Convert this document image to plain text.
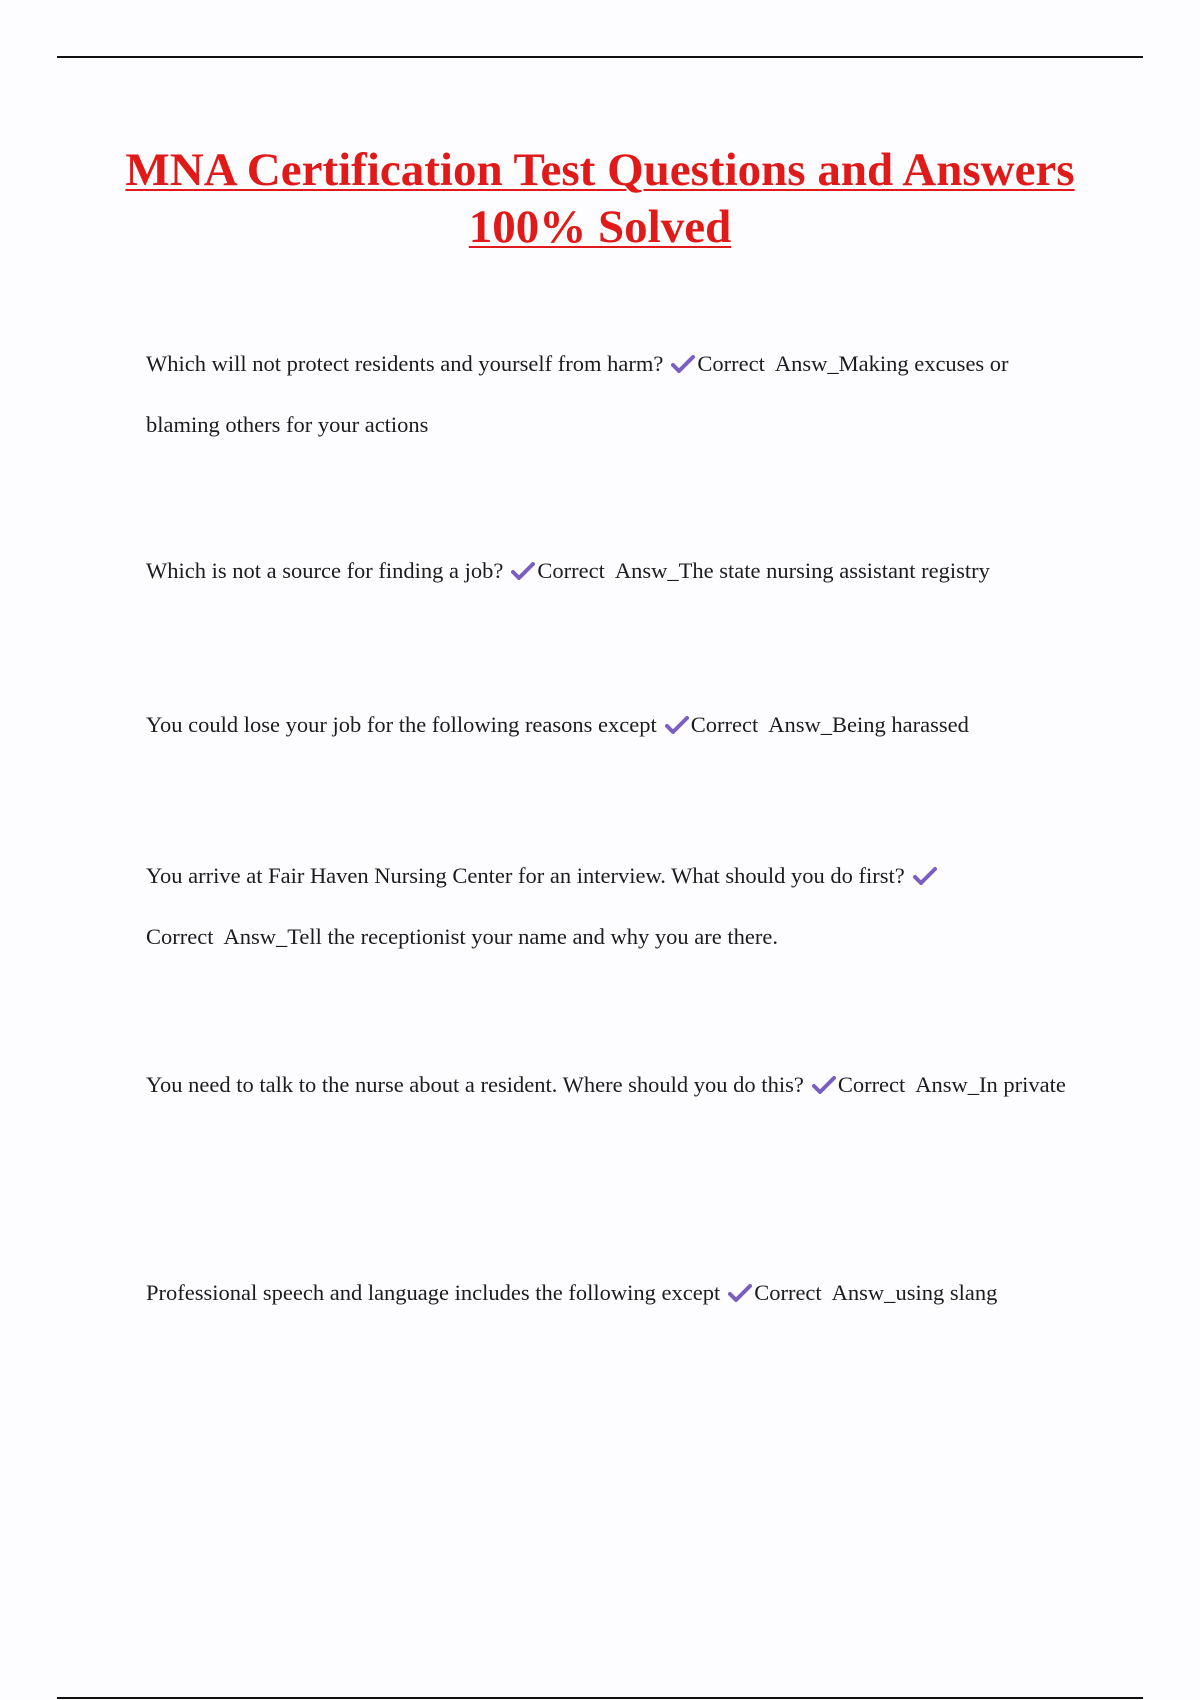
MNA Certification Test Questions and Answers 100% Solved

Which will not protect residents and yourself from harm? Correct  Answ_Making excuses or blaming others for your actions

Which is not a source for finding a job? Correct  Answ_The state nursing assistant registry

You could lose your job for the following reasons except Correct  Answ_Being harassed

You arrive at Fair Haven Nursing Center for an interview. What should you do first?
Correct  Answ_Tell the receptionist your name and why you are there.

You need to talk to the nurse about a resident. Where should you do this? Correct  Answ_In private

Professional speech and language includes the following except Correct  Answ_using slang
